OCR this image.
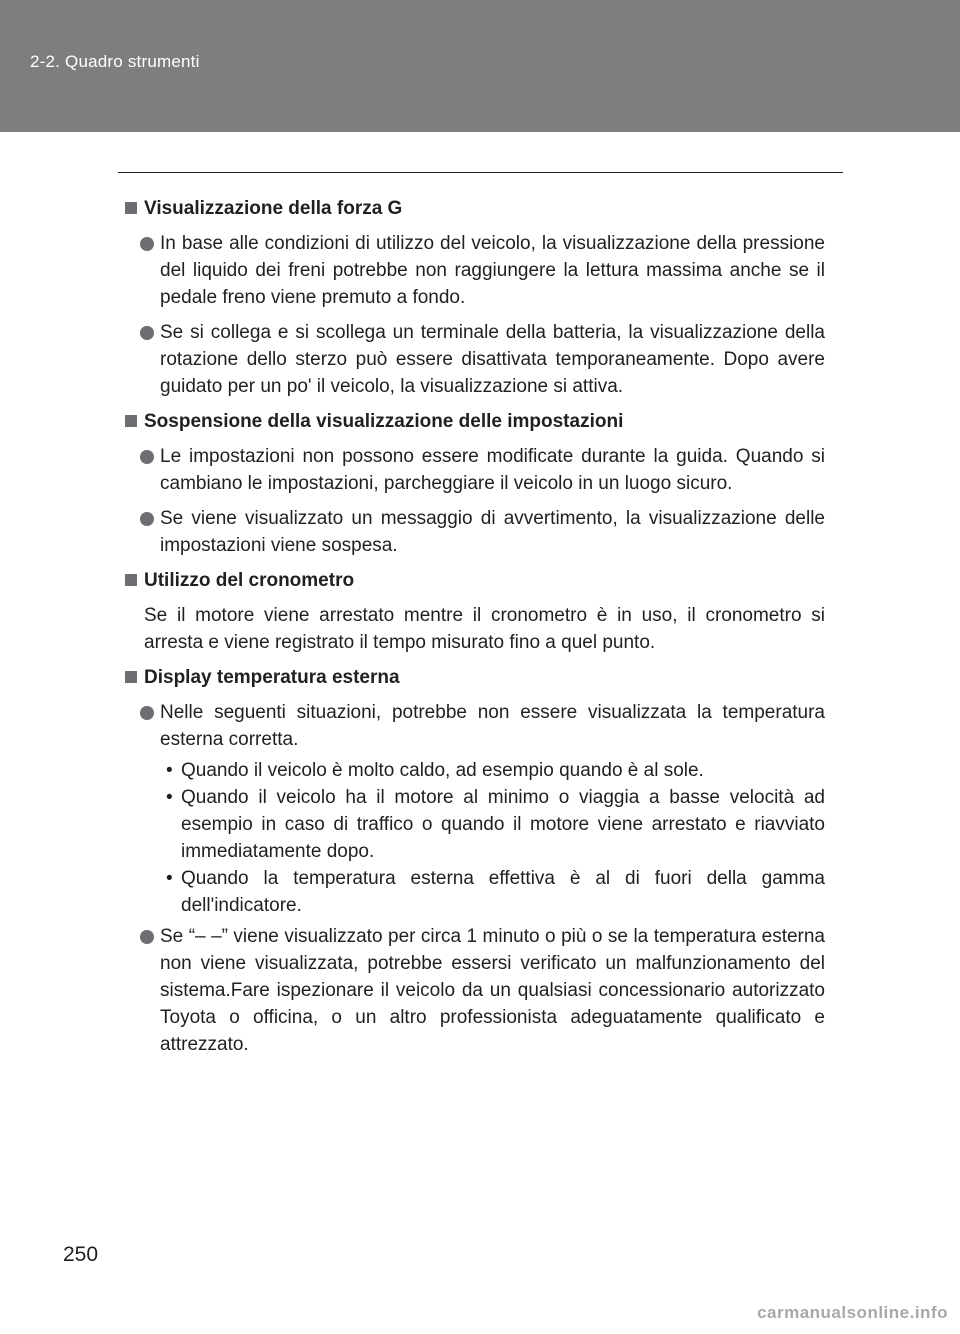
2-2. Quadro strumenti
Visualizzazione della forza G
In base alle condizioni di utilizzo del veicolo, la visualizzazione della pressione del liquido dei freni potrebbe non raggiungere la lettura massima anche se il pedale freno viene premuto a fondo.
Se si collega e si scollega un terminale della batteria, la visualizzazione della rotazione dello sterzo può essere disattivata temporaneamente. Dopo avere guidato per un po' il veicolo, la visualizzazione si attiva.
Sospensione della visualizzazione delle impostazioni
Le impostazioni non possono essere modificate durante la guida. Quando si cambiano le impostazioni, parcheggiare il veicolo in un luogo sicuro.
Se viene visualizzato un messaggio di avvertimento, la visualizzazione delle impostazioni viene sospesa.
Utilizzo del cronometro
Se il motore viene arrestato mentre il cronometro è in uso, il cronometro si arresta e viene registrato il tempo misurato fino a quel punto.
Display temperatura esterna
Nelle seguenti situazioni, potrebbe non essere visualizzata la temperatura esterna corretta.
• Quando il veicolo è molto caldo, ad esempio quando è al sole.
• Quando il veicolo ha il motore al minimo o viaggia a basse velocità ad esempio in caso di traffico o quando il motore viene arrestato e riavviato immediatamente dopo.
• Quando la temperatura esterna effettiva è al di fuori della gamma dell'indicatore.
Se “– –” viene visualizzato per circa 1 minuto o più o se la temperatura esterna non viene visualizzata, potrebbe essersi verificato un malfunzionamento del sistema.Fare ispezionare il veicolo da un qualsiasi concessionario autorizzato Toyota o officina, o un altro professionista adeguatamente qualificato e attrezzato.
250
carmanualsonline.info
